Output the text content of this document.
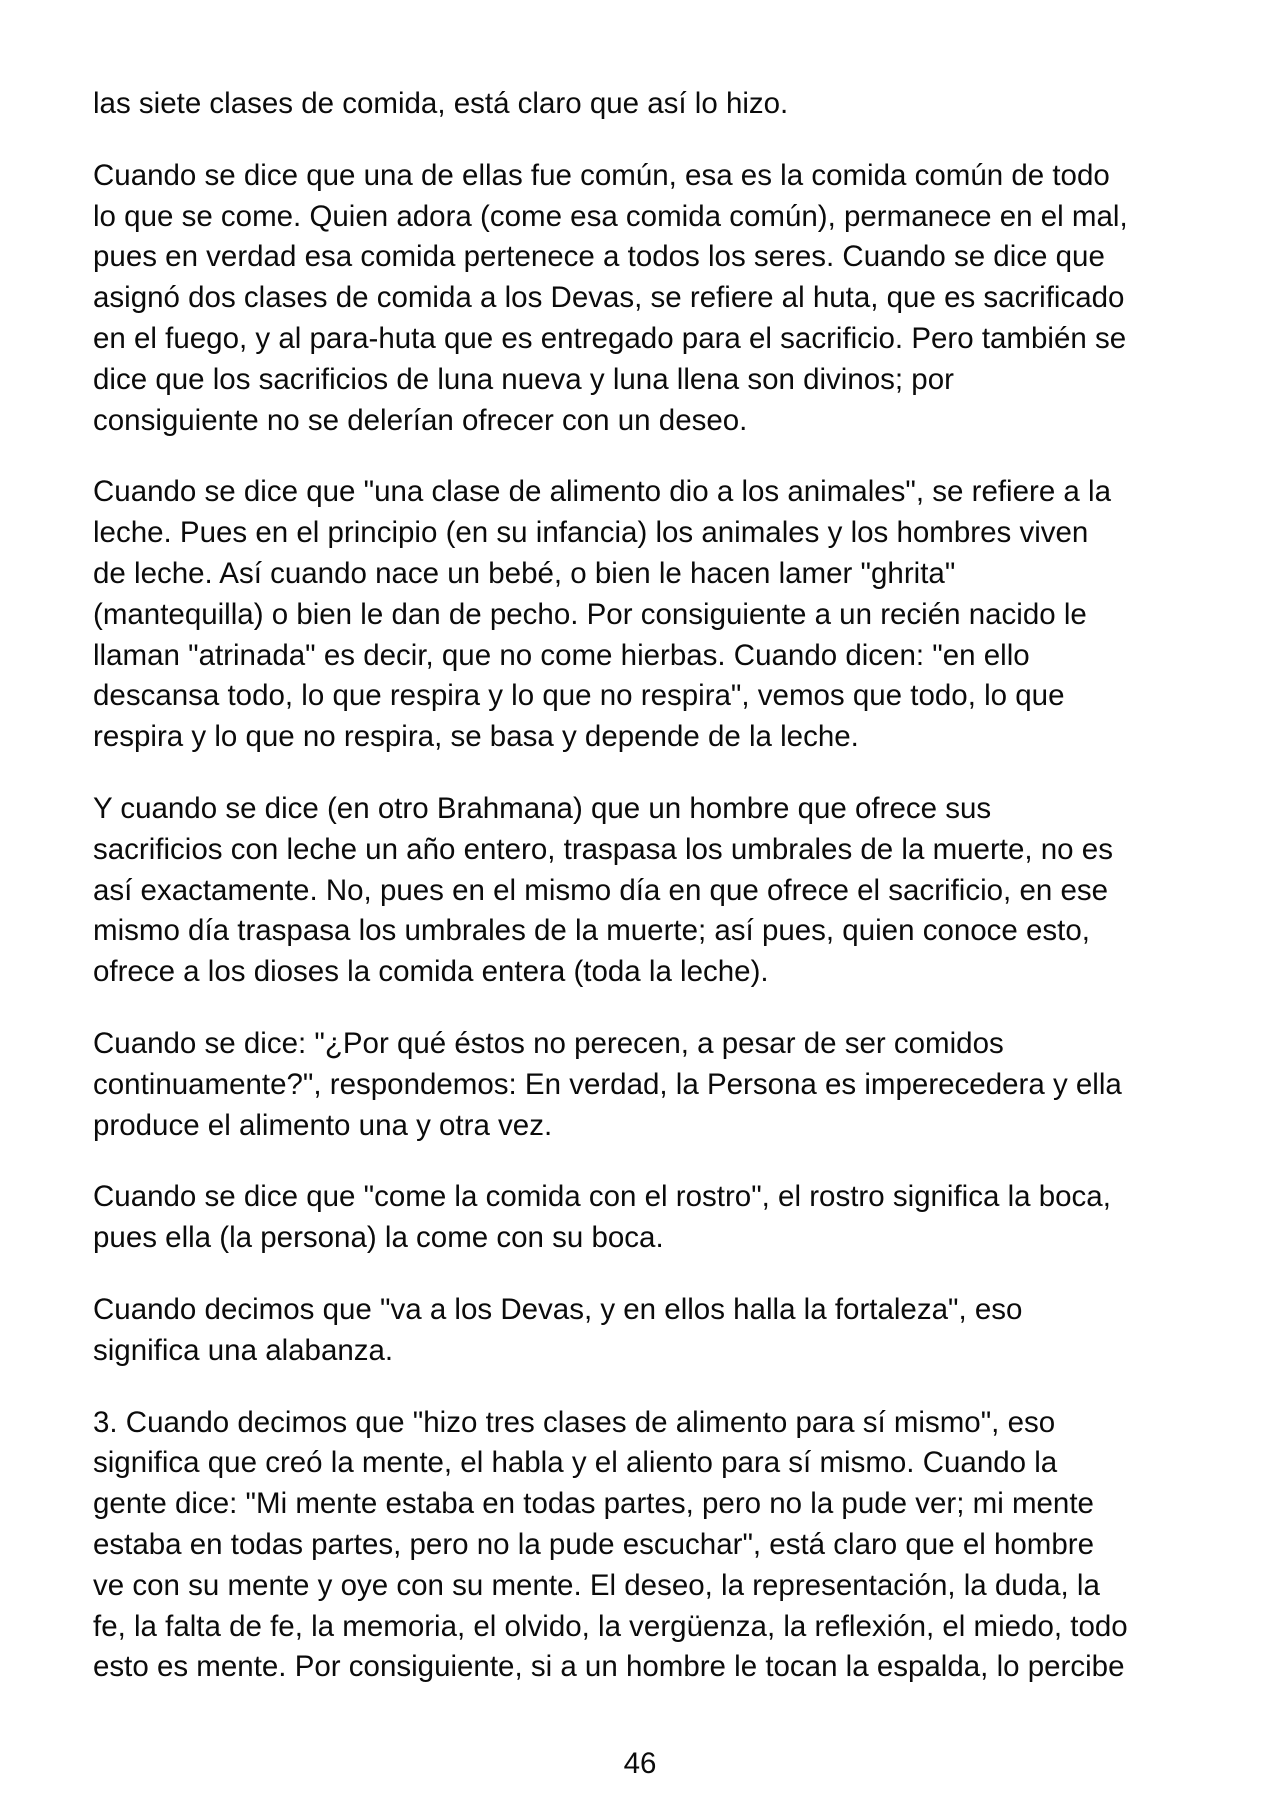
las siete clases de comida, está claro que así lo hizo.

Cuando se dice que una de ellas fue común, esa es la comida común de todo
lo que se come. Quien adora (come esa comida común), permanece en el mal,
pues en verdad esa comida pertenece a todos los seres. Cuando se dice que
asignó dos clases de comida a los Devas, se refiere al huta, que es sacrificado
en el fuego, y al para-huta que es entregado para el sacrificio. Pero también se
dice que los sacrificios de luna nueva y luna llena son divinos; por
consiguiente no se delerían ofrecer con un deseo.

Cuando se dice que "una clase de alimento dio a los animales", se refiere a la
leche. Pues en el principio (en su infancia) los animales y los hombres viven
de leche. Así cuando nace un bebé, o bien le hacen lamer "ghrita"
(mantequilla) o bien le dan de pecho. Por consiguiente a un recién nacido le
llaman "atrinada" es decir, que no come hierbas. Cuando dicen: "en ello
descansa todo, lo que respira y lo que no respira", vemos que todo, lo que
respira y lo que no respira, se basa y depende de la leche.

Y cuando se dice (en otro Brahmana) que un hombre que ofrece sus
sacrificios con leche un año entero, traspasa los umbrales de la muerte, no es
así exactamente. No, pues en el mismo día en que ofrece el sacrificio, en ese
mismo día traspasa los umbrales de la muerte; así pues, quien conoce esto,
ofrece a los dioses la comida entera (toda la leche).

Cuando se dice: "¿Por qué éstos no perecen, a pesar de ser comidos
continuamente?", respondemos: En verdad, la Persona es imperecedera y ella
produce el alimento una y otra vez.

Cuando se dice que "come la comida con el rostro", el rostro significa la boca,
pues ella (la persona) la come con su boca.

Cuando decimos que "va a los Devas, y en ellos halla la fortaleza", eso
significa una alabanza.

3. Cuando decimos que "hizo tres clases de alimento para sí mismo", eso
significa que creó la mente, el habla y el aliento para sí mismo. Cuando la
gente dice: "Mi mente estaba en todas partes, pero no la pude ver; mi mente
estaba en todas partes, pero no la pude escuchar", está claro que el hombre
ve con su mente y oye con su mente. El deseo, la representación, la duda, la
fe, la falta de fe, la memoria, el olvido, la vergüenza, la reflexión, el miedo, todo
esto es mente. Por consiguiente, si a un hombre le tocan la espalda, lo percibe

46
